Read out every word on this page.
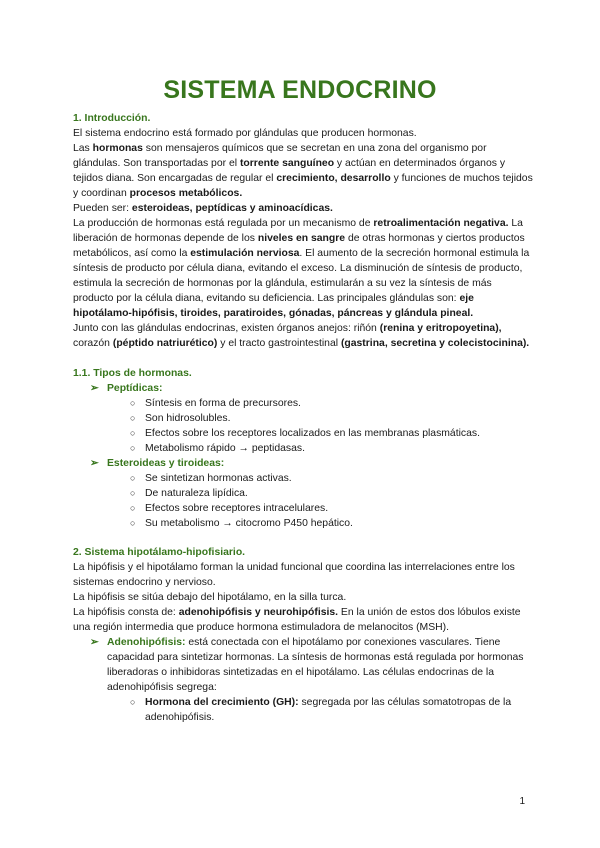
SISTEMA ENDOCRINO

1. Introducción.

El sistema endocrino está formado por glándulas que producen hormonas.

Las hormonas son mensajeros químicos que se secretan en una zona del organismo por glándulas. Son transportadas por el torrente sanguíneo y actúan en determinados órganos y tejidos diana. Son encargadas de regular el crecimiento, desarrollo y funciones de muchos tejidos y coordinan procesos metabólicos.

Pueden ser: esteroideas, peptídicas y aminoacídicas.

La producción de hormonas está regulada por un mecanismo de retroalimentación negativa. La liberación de hormonas depende de los niveles en sangre de otras hormonas y ciertos productos metabólicos, así como la estimulación nerviosa. El aumento de la secreción hormonal estimula la síntesis de producto por célula diana, evitando el exceso. La disminución de síntesis de producto, estimula la secreción de hormonas por la glándula, estimularán a su vez la síntesis de más producto por la célula diana, evitando su deficiencia. Las principales glándulas son: eje hipotálamo-hipófisis, tiroides, paratiroides, gónadas, páncreas y glándula pineal.

Junto con las glándulas endocrinas, existen órganos anejos: riñón (renina y eritropoyetina), corazón (péptido natriurético) y el tracto gastrointestinal (gastrina, secretina y colecistocinina).

1.1. Tipos de hormonas.

➢ Peptídicas:

○ Síntesis en forma de precursores.

○ Son hidrosolubles.

○ Efectos sobre los receptores localizados en las membranas plasmáticas.

○ Metabolismo rápido → peptidasas.

➢ Esteroideas y tiroideas:

○ Se sintetizan hormonas activas.

○ De naturaleza lipídica.

○ Efectos sobre receptores intracelulares.

○ Su metabolismo → citocromo P450 hepático.

2. Sistema hipotálamo-hipofisiario.

La hipófisis y el hipotálamo forman la unidad funcional que coordina las interrelaciones entre los sistemas endocrino y nervioso.

La hipófisis se sitúa debajo del hipotálamo, en la silla turca.

La hipófisis consta de: adenohipófisis y neurohipófisis. En la unión de estos dos lóbulos existe una región intermedia que produce hormona estimuladora de melanocitos (MSH).

➢ Adenohipófisis: está conectada con el hipotálamo por conexiones vasculares. Tiene capacidad para sintetizar hormonas. La síntesis de hormonas está regulada por hormonas liberadoras o inhibidoras sintetizadas en el hipotálamo. Las células endocrinas de la adenohipófisis segrega:

○ Hormona del crecimiento (GH): segregada por las células somatotropas de la adenohipófisis.

1
